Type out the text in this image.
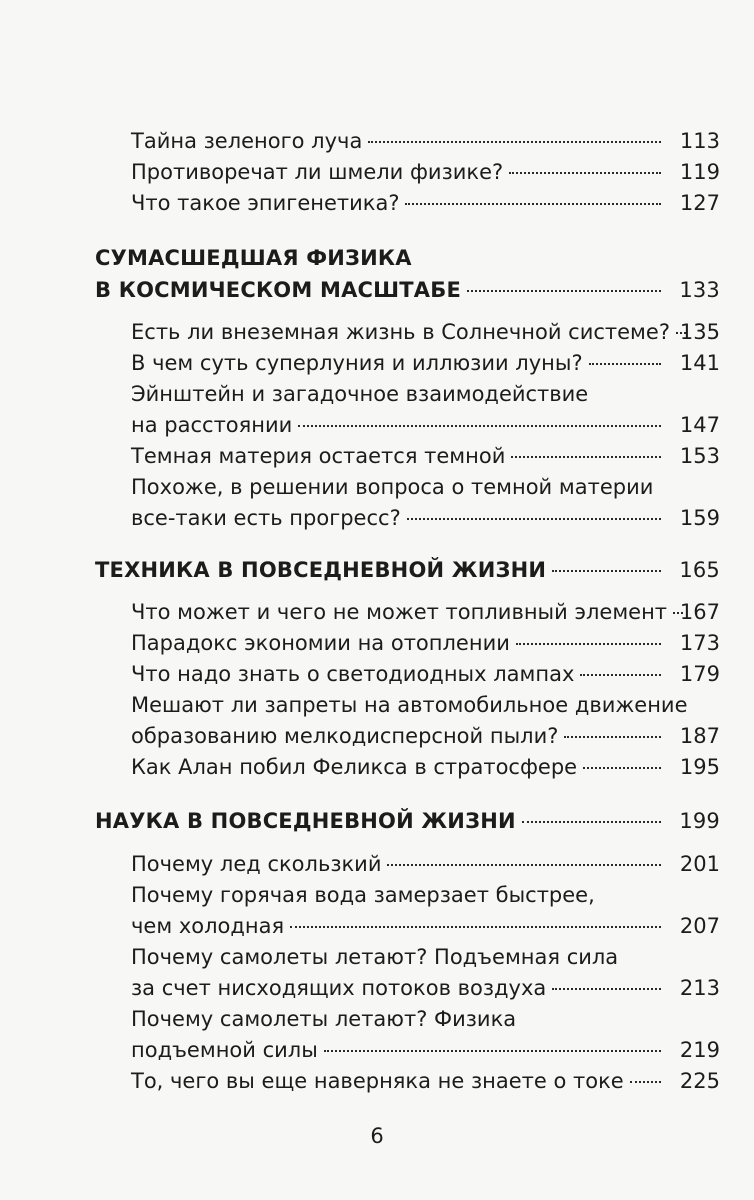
Тайна зеленого луча	113
Противоречат ли шмели физике?	119
Что такое эпигенетика?	127
СУМАСШЕДШАЯ ФИЗИКА
В КОСМИЧЕСКОМ МАСШТАБЕ	133
Есть ли внеземная жизнь в Солнечной системе? 135
В чем суть суперлуния и иллюзии луны?	141
Эйнштейн и загадочное взаимодействие
на расстоянии	147
Темная материя остается темной	153
Похоже, в решении вопроса о темной материи
все-таки есть прогресс?	159
ТЕХНИКА В ПОВСЕДНЕВНОЙ ЖИЗНИ	165
Что может и чего не может топливный элемент 167
Парадокс экономии на отоплении	173
Что надо знать о светодиодных лампах	179
Мешают ли запреты на автомобильное движение
образованию мелкодисперсной пыли?	187
Как Алан побил Феликса в стратосфере	195
НАУКА В ПОВСЕДНЕВНОЙ ЖИЗНИ	199
Почему лед скользкий	201
Почему горячая вода замерзает быстрее,
чем холодная	207
Почему самолеты летают? Подъемная сила
за счет нисходящих потоков воздуха	213
Почему самолеты летают? Физика
подъемной силы	219
То, чего вы еще наверняка не знаете о токе	225
6
